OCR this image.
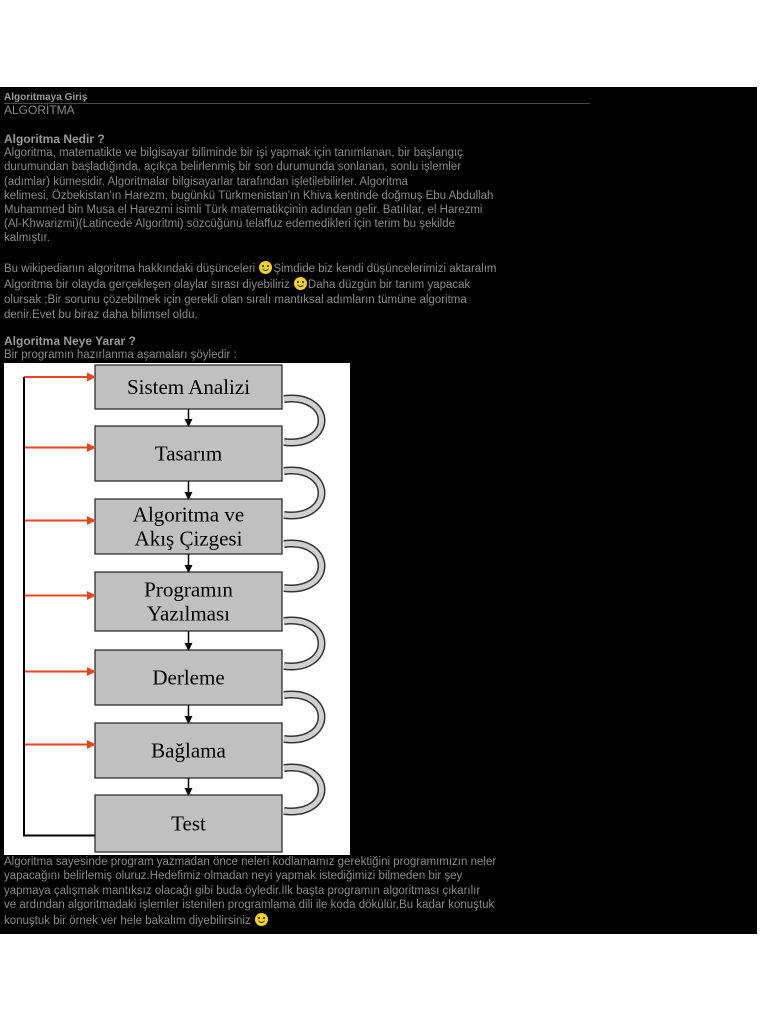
Algoritmaya Giriş
ALGORİTMA
Algoritma Nedir ?

Algoritma, matematikte ve bilgisayar biliminde bir işi yapmak için tanımlanan, bir başlangıç

durumundan başladığında, açıkça belirlenmiş bir son durumunda sonlanan, sonlu işlemler

(adımlar) kümesidir. Algoritmalar bilgisayarlar tarafından işletilebilirler. Algoritma

kelimesi, Özbekistan'ın Harezm, bugünkü Türkmenistan'ın Khiva kentinde doğmuş Ebu Abdullah

Muhammed bin Musa el Harezmi isimli Türk matematikçinin adından gelir. Batılılar, el Harezmi

(Al-Khwarizmi)(Latincede Algoritmi) sözcüğünü telaffuz edemedikleri için terim bu şekilde

kalmıştır.

Bu wikipedianın algoritma hakkındaki düşünceleri Şimdide biz kendi düşüncelerimizi aktaralım

Algoritma bir olayda gerçekleşen olaylar sırası diyebiliriz Daha düzgün bir tanım yapacak

olursak ;Bir sorunu çözebilmek için gerekli olan sıralı mantıksal adımların tümüne algoritma

denir.Evet bu biraz daha bilimsel oldu.

Algoritma Neye Yarar ?

Bir programın hazırlanma aşamaları şöyledir :

Sistem Analizi
Tasarım
Algoritma ve
Akış Çizgesi
Programın
Yazılması
Derleme
Bağlama
Test

Algoritma sayesinde program yazmadan önce neleri kodlamamız gerektiğini programımızın neler

yapacağını belirlemiş oluruz.Hedefimiz olmadan neyi yapmak istediğimizi bilmeden bir şey

yapmaya çalışmak mantıksız olacağı gibi buda öyledir.İlk başta programın algoritması çıkarılır

ve ardından algoritmadaki işlemler istenilen programlama dili ile koda dökülür.Bu kadar konuştuk

konuştuk bir örnek ver hele bakalım diyebilirsiniz
